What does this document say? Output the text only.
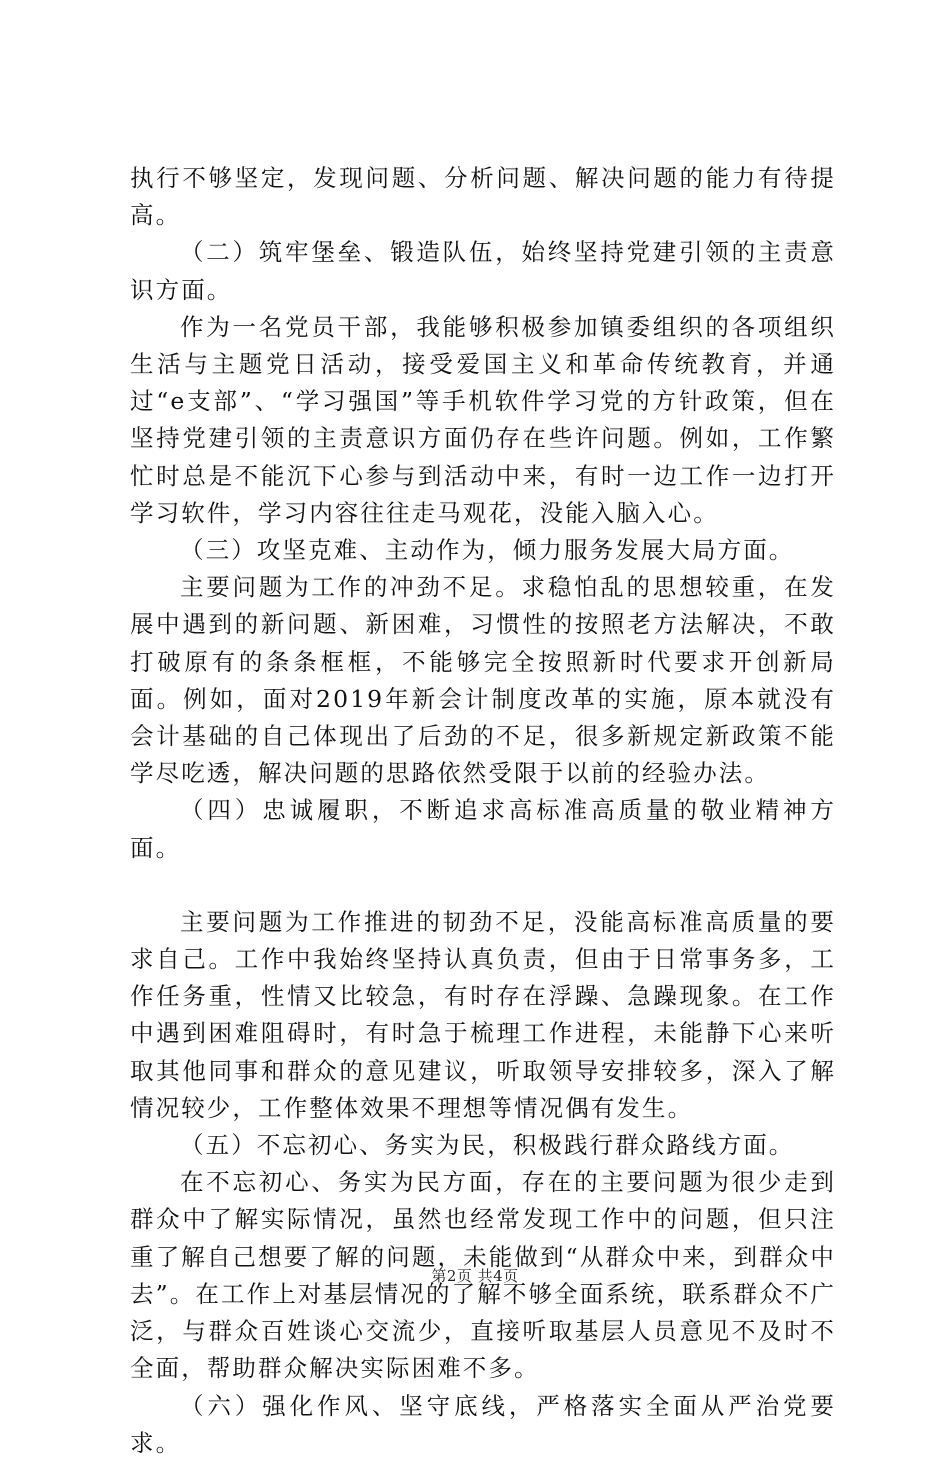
执行不够坚定，发现问题、分析问题、解决问题的能力有待提高。

（二）筑牢堡垒、锻造队伍，始终坚持党建引领的主责意识方面。

作为一名党员干部，我能够积极参加镇委组织的各项组织生活与主题党日活动，接受爱国主义和革命传统教育，并通过“e支部”、“学习强国”等手机软件学习党的方针政策，但在坚持党建引领的主责意识方面仍存在些许问题。例如，工作繁忙时总是不能沉下心参与到活动中来，有时一边工作一边打开学习软件，学习内容往往走马观花，没能入脑入心。

（三）攻坚克难、主动作为，倾力服务发展大局方面。

主要问题为工作的冲劲不足。求稳怕乱的思想较重，在发展中遇到的新问题、新困难，习惯性的按照老方法解决，不敢打破原有的条条框框，不能够完全按照新时代要求开创新局面。例如，面对2019年新会计制度改革的实施，原本就没有会计基础的自己体现出了后劲的不足，很多新规定新政策不能学尽吃透，解决问题的思路依然受限于以前的经验办法。

（四）忠诚履职，不断追求高标准高质量的敬业精神方面。

主要问题为工作推进的韧劲不足，没能高标准高质量的要求自己。工作中我始终坚持认真负责，但由于日常事务多，工作任务重，性情又比较急，有时存在浮躁、急躁现象。在工作中遇到困难阻碍时，有时急于梳理工作进程，未能静下心来听取其他同事和群众的意见建议，听取领导安排较多，深入了解情况较少，工作整体效果不理想等情况偶有发生。

（五）不忘初心、务实为民，积极践行群众路线方面。

在不忘初心、务实为民方面，存在的主要问题为很少走到群众中了解实际情况，虽然也经常发现工作中的问题，但只注重了解自己想要了解的问题，未能做到“从群众中来，到群众中去”。在工作上对基层情况的了解不够全面系统，联系群众不广泛，与群众百姓谈心交流少，直接听取基层人员意见不及时不全面，帮助群众解决实际困难不多。

（六）强化作风、坚守底线，严格落实全面从严治党要求。

第2页 共4页
